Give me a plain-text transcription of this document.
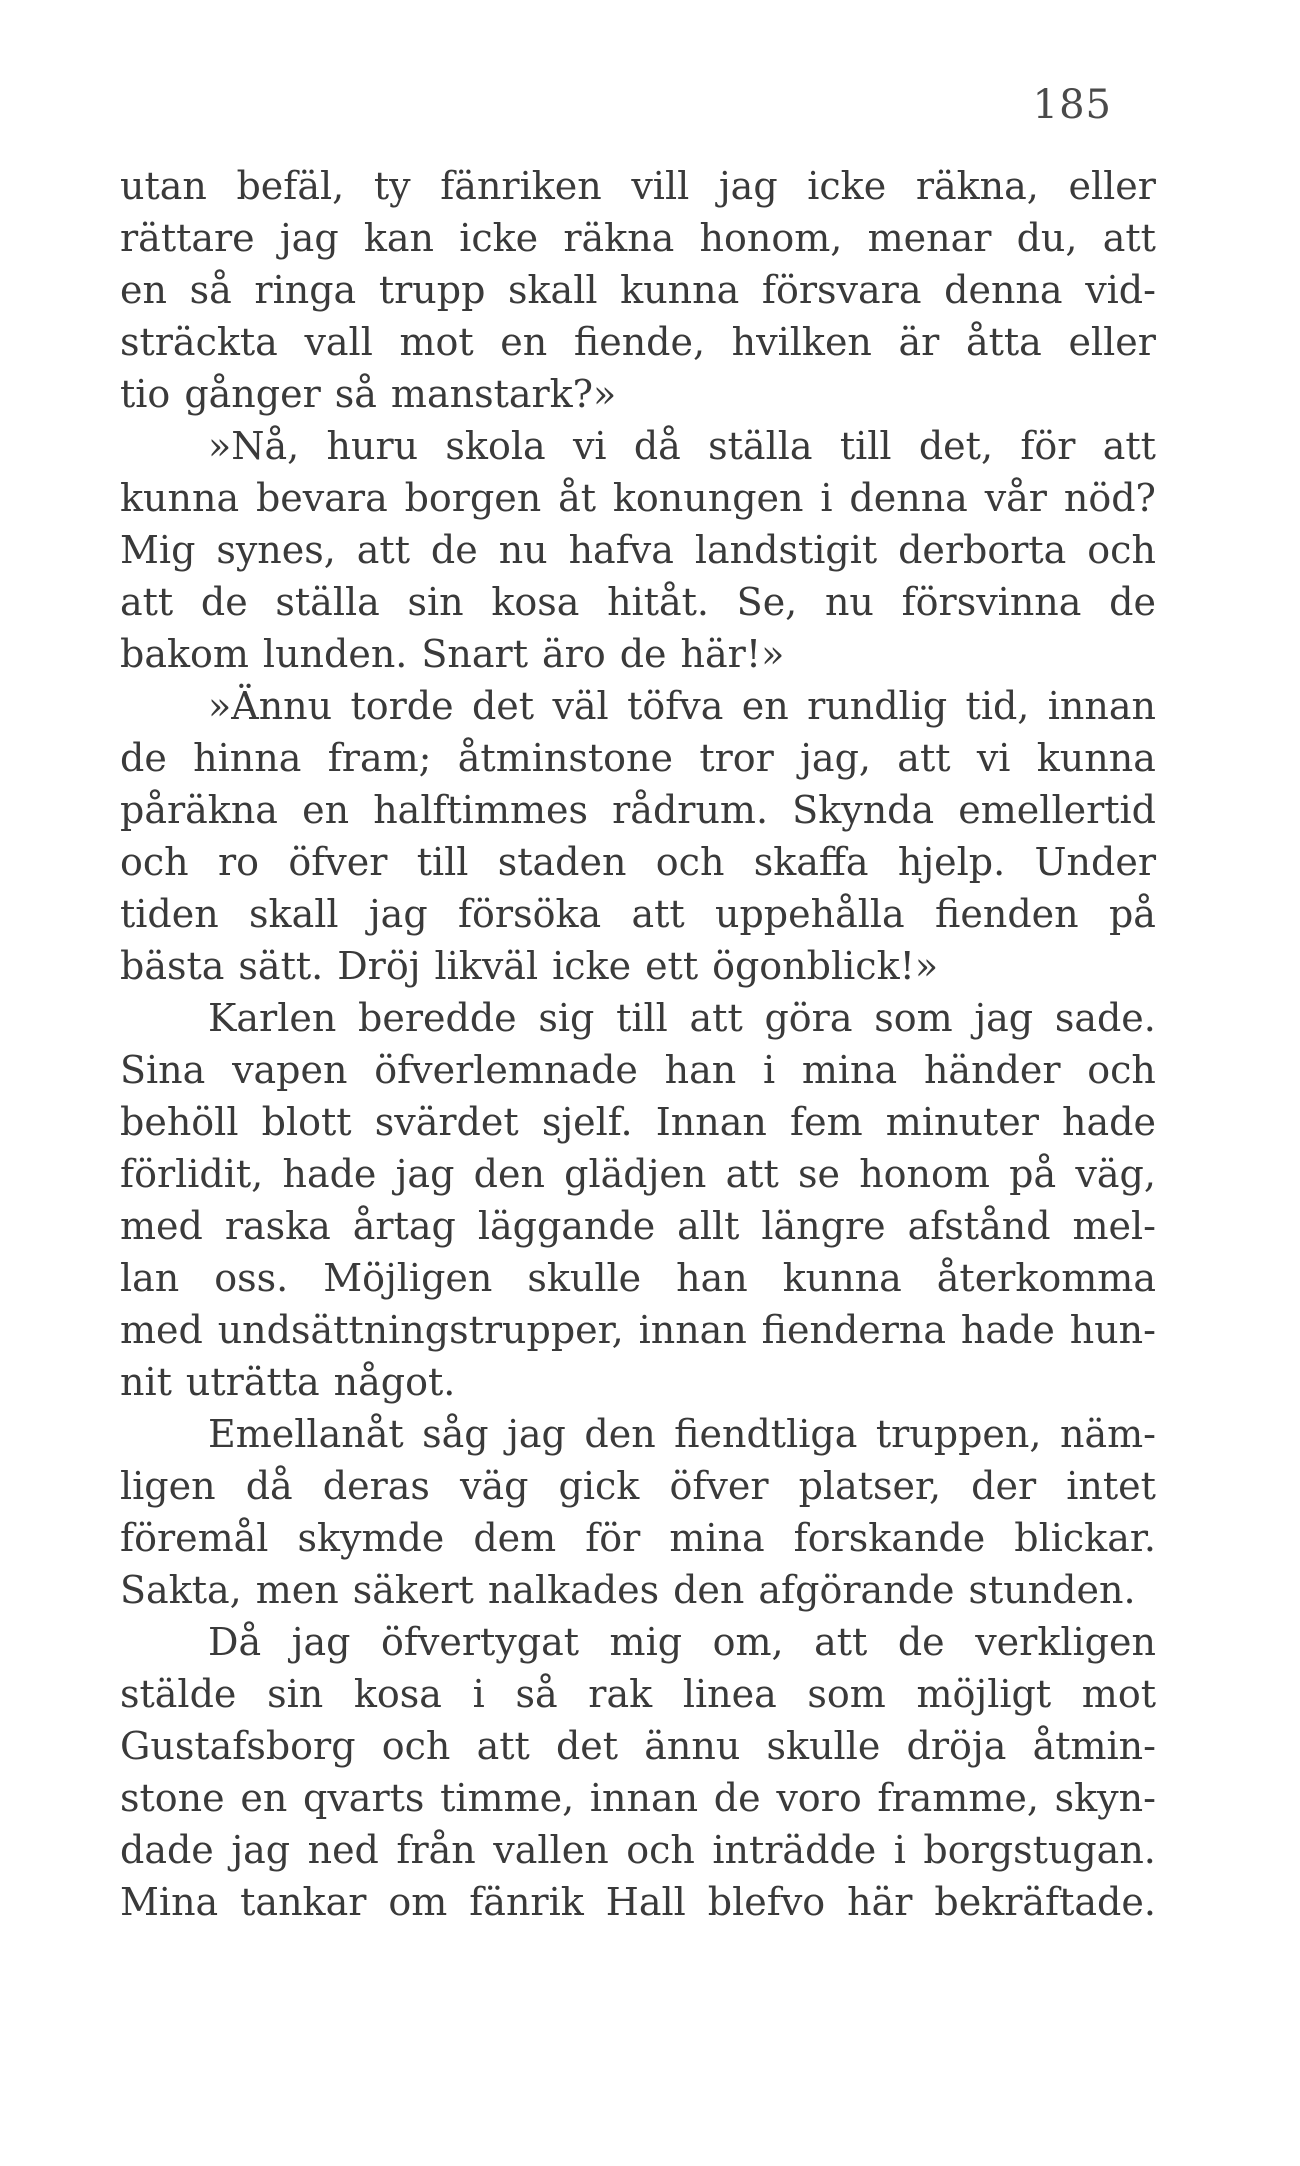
185
utan befäl, ty fänriken vill jag icke räkna, eller
rättare jag kan icke räkna honom, menar du, att
en så ringa trupp skall kunna försvara denna vid-
sträckta vall mot en fiende, hvilken är åtta eller
tio gånger så manstark?»
»Nå, huru skola vi då ställa till det, för att
kunna bevara borgen åt konungen i denna vår nöd?
Mig synes, att de nu hafva landstigit derborta och
att de ställa sin kosa hitåt. Se, nu försvinna de
bakom lunden. Snart äro de här!»
»Ännu torde det väl töfva en rundlig tid, innan
de hinna fram; åtminstone tror jag, att vi kunna
påräkna en halftimmes rådrum. Skynda emellertid
och ro öfver till staden och skaffa hjelp. Under
tiden skall jag försöka att uppehålla fienden på
bästa sätt. Dröj likväl icke ett ögonblick!»
Karlen beredde sig till att göra som jag sade.
Sina vapen öfverlemnade han i mina händer och
behöll blott svärdet sjelf. Innan fem minuter hade
förlidit, hade jag den glädjen att se honom på väg,
med raska årtag läggande allt längre afstånd mel-
lan oss. Möjligen skulle han kunna återkomma
med undsättningstrupper, innan fienderna hade hun-
nit uträtta något.
Emellanåt såg jag den fiendtliga truppen, näm-
ligen då deras väg gick öfver platser, der intet
föremål skymde dem för mina forskande blickar.
Sakta, men säkert nalkades den afgörande stunden.
Då jag öfvertygat mig om, att de verkligen
stälde sin kosa i så rak linea som möjligt mot
Gustafsborg och att det ännu skulle dröja åtmin-
stone en qvarts timme, innan de voro framme, skyn-
dade jag ned från vallen och inträdde i borgstugan.
Mina tankar om fänrik Hall blefvo här bekräftade.
